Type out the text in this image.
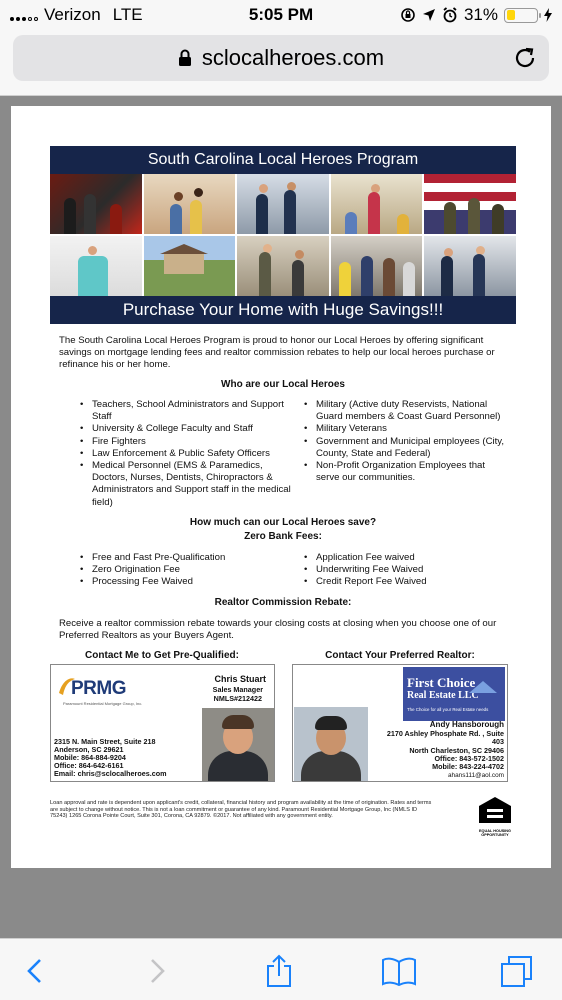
Verizon LTE	5:05 PM	31%
sclocalheroes.com
South Carolina Local Heroes Program
Purchase Your Home with Huge Savings!!!
The South Carolina Local Heroes Program is proud to honor our Local Heroes by offering significant savings on mortgage lending fees and realtor commission rebates to help our local heroes purchase or refinance his or her home.
Who are our Local Heroes
• Teachers, School Administrators and Support Staff
• University & College Faculty and Staff
• Fire Fighters
• Law Enforcement & Public Safety Officers
• Medical Personnel (EMS & Paramedics, Doctors, Nurses, Dentists, Chiropractors & Administrators and Support staff in the medical field)
• Military (Active duty Reservists, National Guard members & Coast Guard Personnel)
• Military Veterans
• Government and Municipal employees (City, County, State and Federal)
• Non-Profit Organization Employees that serve our communities.
How much can our Local Heroes save?
Zero Bank Fees:
• Free and Fast Pre-Qualification
• Zero Origination Fee
• Processing Fee Waived
• Application Fee waived
• Underwriting Fee Waived
• Credit Report Fee Waived
Realtor Commission Rebate:
Receive a realtor commission rebate towards your closing costs at closing when you choose one of our Preferred Realtors as your Buyers Agent.
Contact Me to Get Pre-Qualified:
PRMG
Paramount Residential Mortgage Group, Inc.
Chris Stuart
Sales Manager
NMLS#212422
2315 N. Main Street, Suite 218
Anderson, SC 29621
Mobile: 864-884-9204
Office: 864-642-6161
Email: chris@sclocalheroes.com
Contact Your Preferred Realtor:
First Choice
Real Estate LLC
The Choice for all your Real Estate needs
Andy Hansborough
2170 Ashley Phosphate Rd. , Suite
403
North Charleston, SC 29406
Office: 843-572-1502
Mobile: 843-224-4702
ahans111@aol.com
Loan approval and rate is dependent upon applicant's credit, collateral, financial history and program availability at the time of origination. Rates and terms are subject to change without notice. This is not a loan commitment or guarantee of any kind. Paramount Residential Mortgage Group, Inc (NMLS ID 75243) 1265 Corona Pointe Court, Suite 301, Corona, CA 92879. ©2017. Not affiliated with any government entity.
EQUAL HOUSING OPPORTUNITY
